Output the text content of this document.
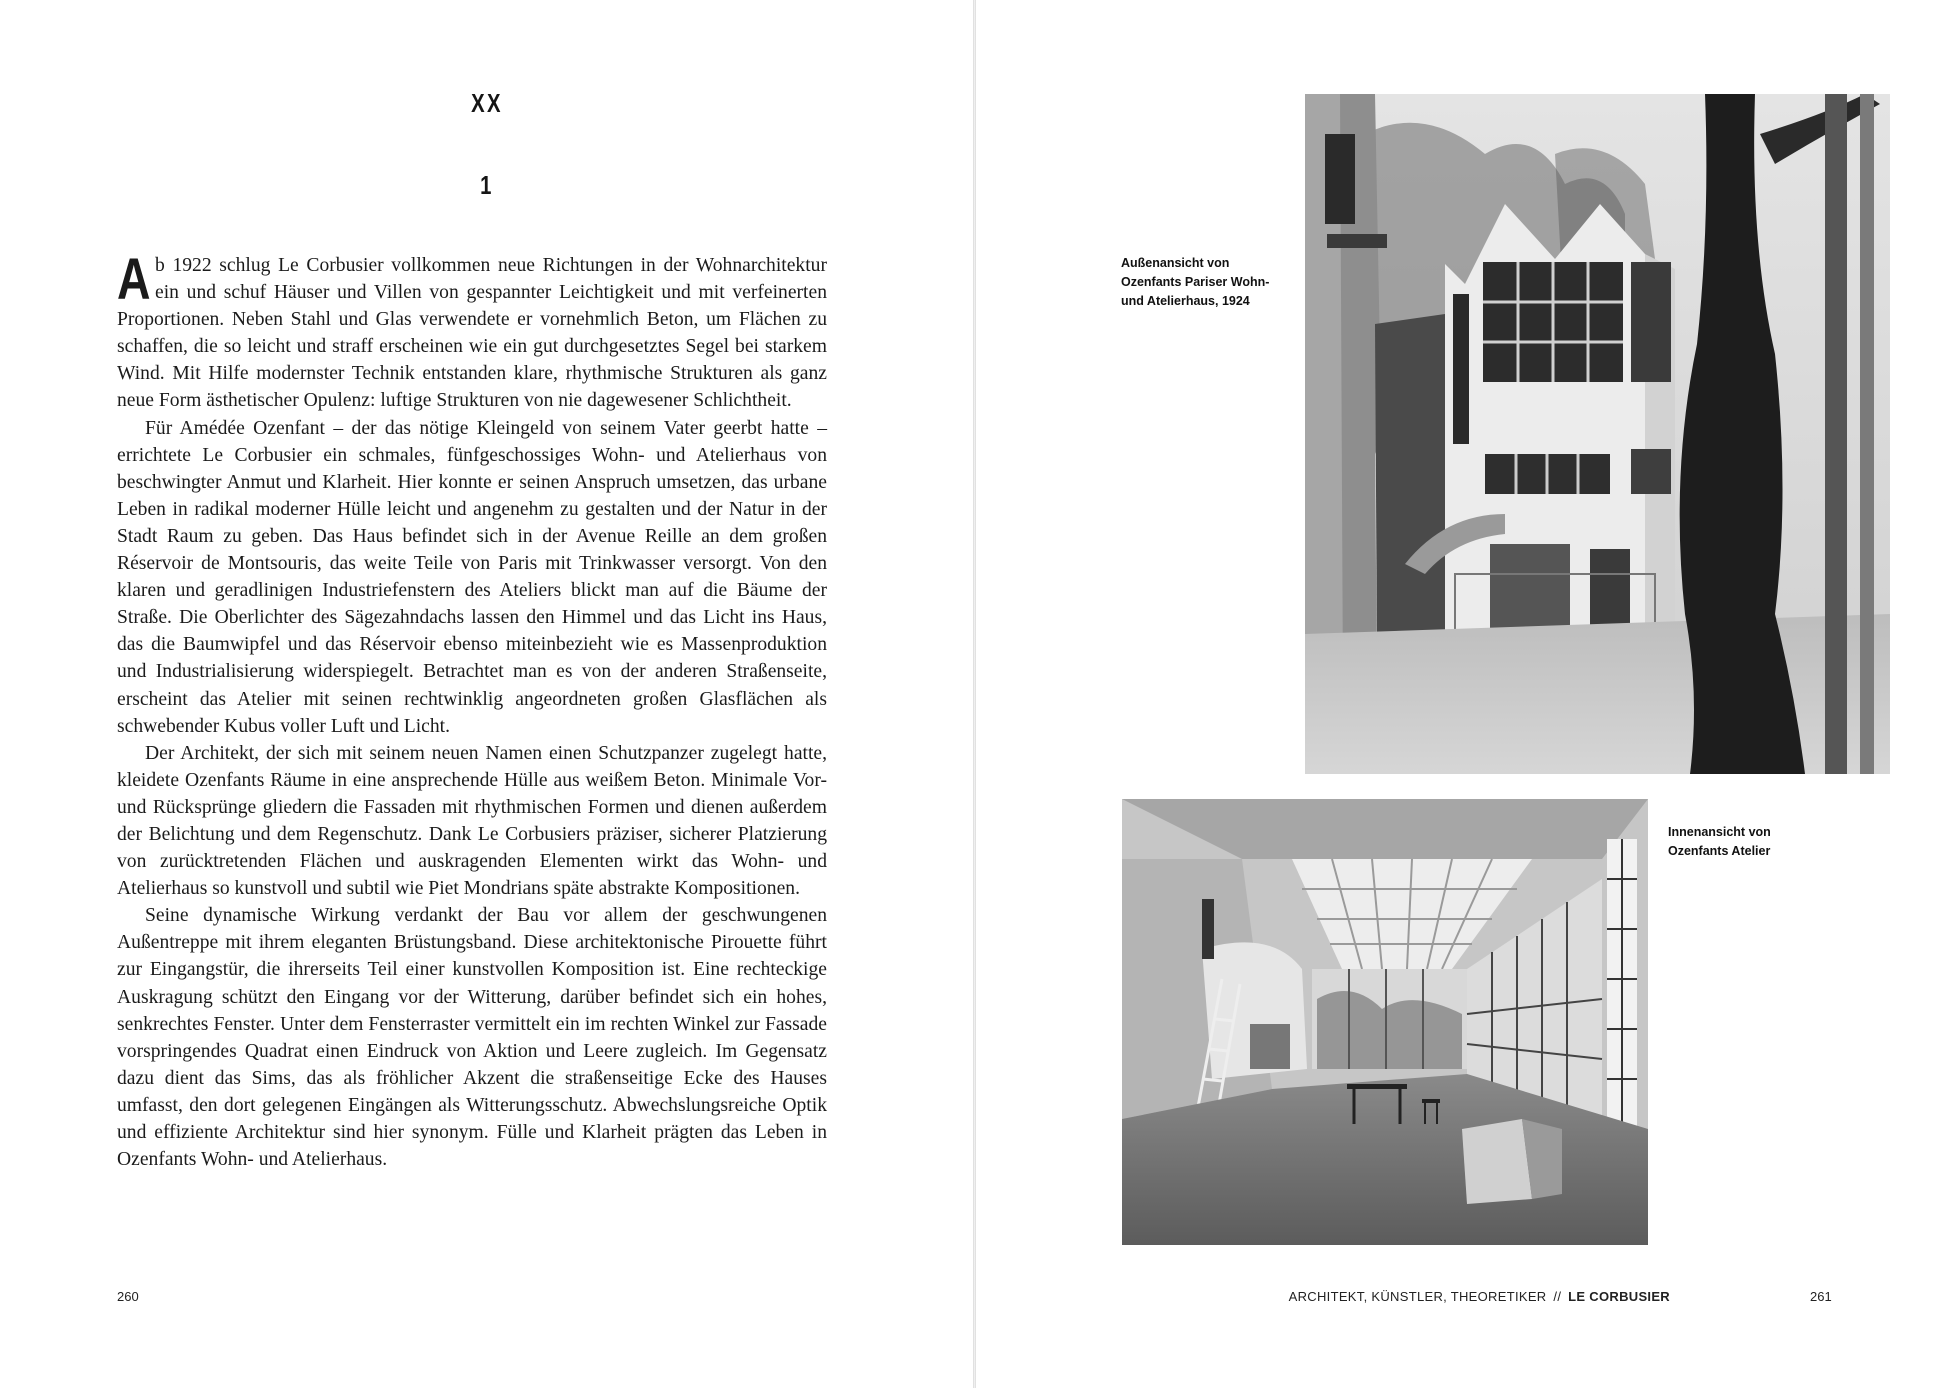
XX
1

Ab 1922 schlug Le Corbusier vollkommen neue Richtungen in der Wohnarchitektur ein und schuf Häuser und Villen von gespannter Leichtigkeit und mit verfeinerten Proportionen. Neben Stahl und Glas verwendete er vornehmlich Beton, um Flächen zu schaffen, die so leicht und straff erscheinen wie ein gut durchgesetztes Segel bei starkem Wind. Mit Hilfe modernster Technik entstanden klare, rhythmische Strukturen als ganz neue Form ästhetischer Opulenz: luftige Strukturen von nie dagewesener Schlichtheit.

Für Amédée Ozenfant – der das nötige Kleingeld von seinem Vater geerbt hatte – errichtete Le Corbusier ein schmales, fünfgeschossiges Wohn- und Atelierhaus von beschwingter Anmut und Klarheit. Hier konnte er seinen Anspruch umsetzen, das urbane Leben in radikal moderner Hülle leicht und angenehm zu gestalten und der Natur in der Stadt Raum zu geben. Das Haus befindet sich in der Avenue Reille an dem großen Réservoir de Montsouris, das weite Teile von Paris mit Trinkwasser versorgt. Von den klaren und geradlinigen Industriefenstern des Ateliers blickt man auf die Bäume der Straße. Die Oberlichter des Sägezahndachs lassen den Himmel und das Licht ins Haus, das die Baumwipfel und das Réservoir ebenso miteinbezieht wie es Massenproduktion und Industrialisierung widerspiegelt. Betrachtet man es von der anderen Straßenseite, erscheint das Atelier mit seinen rechtwinklig angeordneten großen Glasflächen als schwebender Kubus voller Luft und Licht.

Der Architekt, der sich mit seinem neuen Namen einen Schutzpanzer zugelegt hatte, kleidete Ozenfants Räume in eine ansprechende Hülle aus weißem Beton. Minimale Vor- und Rücksprünge gliedern die Fassaden mit rhythmischen Formen und dienen außerdem der Belichtung und dem Regenschutz. Dank Le Corbusiers präziser, sicherer Platzierung von zurücktretenden Flächen und auskragenden Elementen wirkt das Wohn- und Atelierhaus so kunstvoll und subtil wie Piet Mondrians späte abstrakte Kompositionen.

Seine dynamische Wirkung verdankt der Bau vor allem der geschwungenen Außentreppe mit ihrem eleganten Brüstungsband. Diese architektonische Pirouette führt zur Eingangstür, die ihrerseits Teil einer kunstvollen Komposition ist. Eine rechteckige Auskragung schützt den Eingang vor der Witterung, darüber befindet sich ein hohes, senkrechtes Fenster. Unter dem Fensterraster vermittelt ein im rechten Winkel zur Fassade vorspringendes Quadrat einen Eindruck von Aktion und Leere zugleich. Im Gegensatz dazu dient das Sims, das als fröhlicher Akzent die straßenseitige Ecke des Hauses umfasst, den dort gelegenen Eingängen als Witterungsschutz. Abwechslungsreiche Optik und effiziente Architektur sind hier synonym. Fülle und Klarheit prägten das Leben in Ozenfants Wohn- und Atelierhaus.

260
Außenansicht von Ozenfants Pariser Wohn- und Atelierhaus, 1924
Innenansicht von Ozenfants Atelier
ARCHITEKT, KÜNSTLER, THEORETIKER // LE CORBUSIER	261
